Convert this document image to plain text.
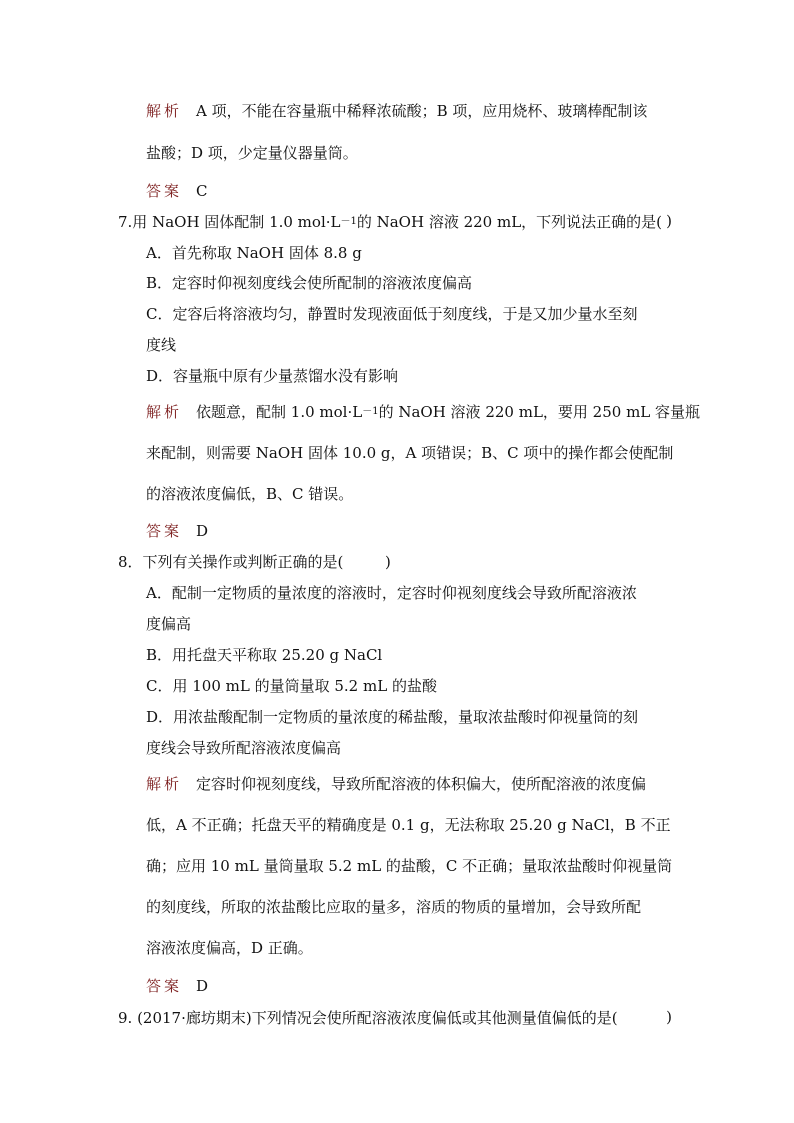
解析 A 项，不能在容量瓶中稀释浓硫酸；B 项，应用烧杯、玻璃棒配制该
盐酸；D 项，少定量仪器量筒。
答案 C
7.用 NaOH 固体配制 1.0 $mol\cdot L^{-1}$的 NaOH 溶液 220 mL，下列说法正确的是( )
A．首先称取 NaOH 固体 8.8 g
B．定容时仰视刻度线会使所配制的溶液浓度偏高
C．定容后将溶液均匀，静置时发现液面低于刻度线，于是又加少量水至刻
度线
D．容量瓶中原有少量蒸馏水没有影响
解析 依题意，配制 1.0 $mol\cdot L^{-1}$的 NaOH 溶液 220 mL，要用 250 mL 容量瓶
来配制，则需要 NaOH 固体 10.0 g，A 项错误；B、C 项中的操作都会使配制
的溶液浓度偏低，B、C 错误。
答案 D
8．下列有关操作或判断正确的是(	)
A．配制一定物质的量浓度的溶液时，定容时仰视刻度线会导致所配溶液浓
度偏高
B．用托盘天平称取 25.20 g NaCl
C．用 100 mL 的量筒量取 5.2 mL 的盐酸
D．用浓盐酸配制一定物质的量浓度的稀盐酸，量取浓盐酸时仰视量筒的刻
度线会导致所配溶液浓度偏高
解析 定容时仰视刻度线，导致所配溶液的体积偏大，使所配溶液的浓度偏
低，A 不正确；托盘天平的精确度是 0.1 g，无法称取 25.20 g NaCl，B 不正
确；应用 10 mL 量筒量取 5.2 mL 的盐酸，C 不正确；量取浓盐酸时仰视量筒
的刻度线，所取的浓盐酸比应取的量多，溶质的物质的量增加，会导致所配
溶液浓度偏高，D 正确。
答案 D
9. (2017·廊坊期末)下列情况会使所配溶液浓度偏低或其他测量值偏低的是(	)
